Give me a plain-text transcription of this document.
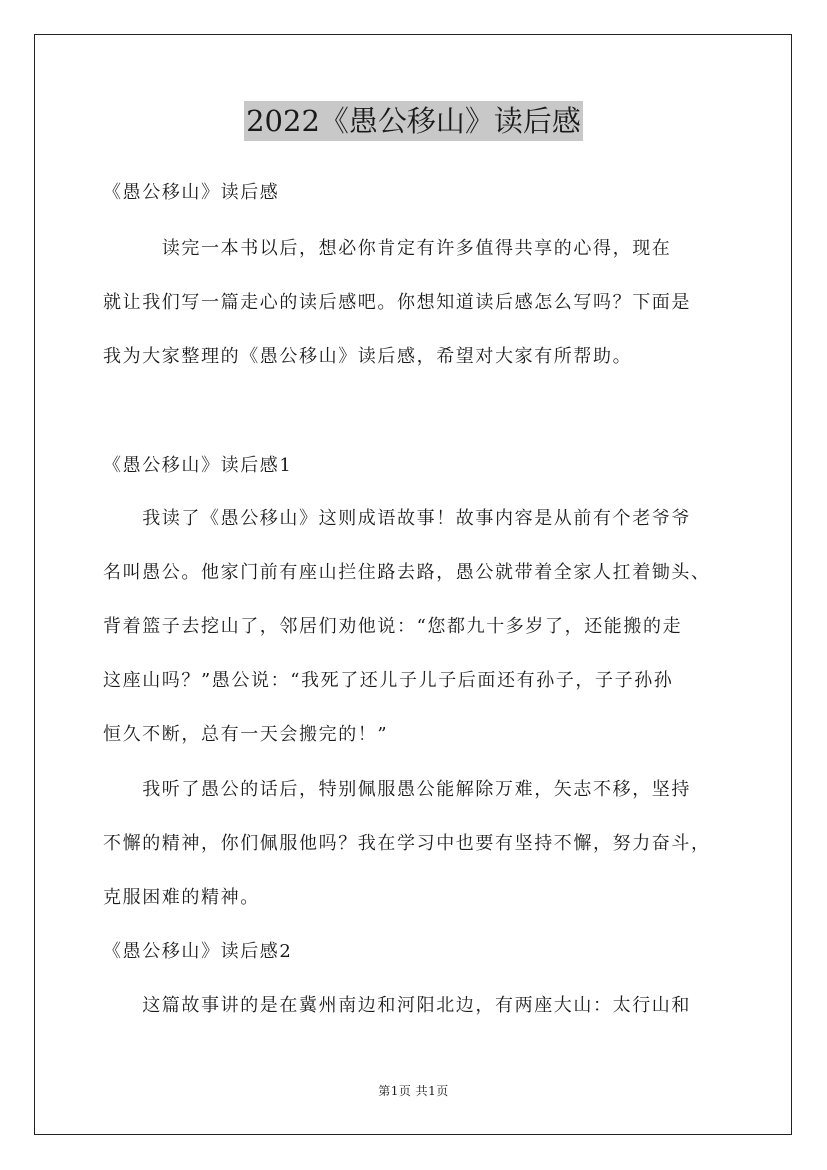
2022《愚公移山》读后感
《愚公移山》读后感
　　　读完一本书以后，想必你肯定有许多值得共享的心得，现在
就让我们写一篇走心的读后感吧。你想知道读后感怎么写吗？下面是
我为大家整理的《愚公移山》读后感，希望对大家有所帮助。
《愚公移山》读后感1
　　我读了《愚公移山》这则成语故事！故事内容是从前有个老爷爷
名叫愚公。他家门前有座山拦住路去路，愚公就带着全家人扛着锄头、
背着篮子去挖山了，邻居们劝他说：“您都九十多岁了，还能搬的走
这座山吗？”愚公说：“我死了还儿子儿子后面还有孙子，子子孙孙
恒久不断，总有一天会搬完的！”
　　我听了愚公的话后，特别佩服愚公能解除万难，矢志不移，坚持
不懈的精神，你们佩服他吗？我在学习中也要有坚持不懈，努力奋斗，
克服困难的精神。
《愚公移山》读后感2
　　这篇故事讲的是在冀州南边和河阳北边，有两座大山：太行山和
第1页 共1页
